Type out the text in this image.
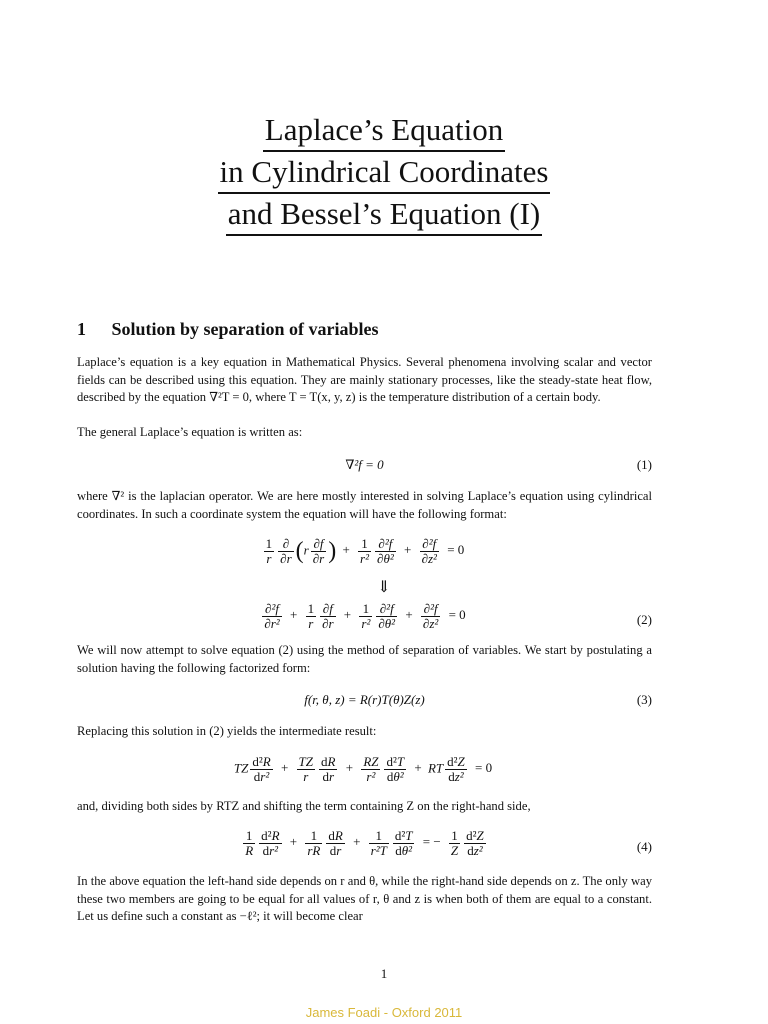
Laplace’s Equation
in Cylindrical Coordinates
and Bessel’s Equation (I)
1 Solution by separation of variables
Laplace’s equation is a key equation in Mathematical Physics. Several phenomena involving scalar and vector fields can be described using this equation. They are mainly stationary processes, like the steady-state heat flow, described by the equation ∇²T = 0, where T = T(x, y, z) is the temperature distribution of a certain body.
The general Laplace’s equation is written as:
∇²f = 0	(1)
where ∇² is the laplacian operator. We are here mostly interested in solving Laplace’s equation using cylindrical coordinates. In such a coordinate system the equation will have the following format:
$\frac{1}{r} \frac{\partial}{\partial r} (r \frac{\partial f}{\partial r}$ ) + $\frac{1}{\text{r²}} \frac{\text{∂²f}}{\text{∂θ²}} + \frac{\text{∂²f}}{\text{∂z²}} = 0$
⇓
$\frac{\text{∂²f}}{\text{∂r²}} + \frac{1}{r} \frac{\partial f}{\partial r} + \frac{1}{\text{r²}} \frac{\text{∂²f}}{\text{∂θ²}} + \frac{\text{∂²f}}{\text{∂z²}} = 0$	(2)
We will now attempt to solve equation (2) using the method of separation of variables. We start by postulating a solution having the following factorized form:
f(r, θ, z) = R(r)T(θ)Z(z)	(3)
Replacing this solution in (2) yields the intermediate result:
TZ $\frac{\text{d²R}}{\text{dr²}} + \frac{TZ}{r} \frac{dR}{dr} + \frac{RZ}{\text{r²}} \frac{\text{d²T}}{\text{dθ²}}$ + RT $\frac{\text{d²Z}}{\text{dz²}} = 0$
and, dividing both sides by RTZ and shifting the term containing Z on the right-hand side,
$\frac{1}{R} \frac{\text{d²R}}{\text{dr²}} + \frac{1}{rR} \frac{dR}{dr} + \frac{1}{\text{r²T}} \frac{\text{d²T}}{\text{dθ²}}$ = − $\frac{1}{Z} \frac{\text{d²Z}}{\text{dz²}}$	(4)
In the above equation the left-hand side depends on r and θ, while the right-hand side depends on z. The only way these two members are going to be equal for all values of r, θ and z is when both of them are equal to a constant. Let us define such a constant as −ℓ²; it will become clear
1
James Foadi - Oxford 2011
